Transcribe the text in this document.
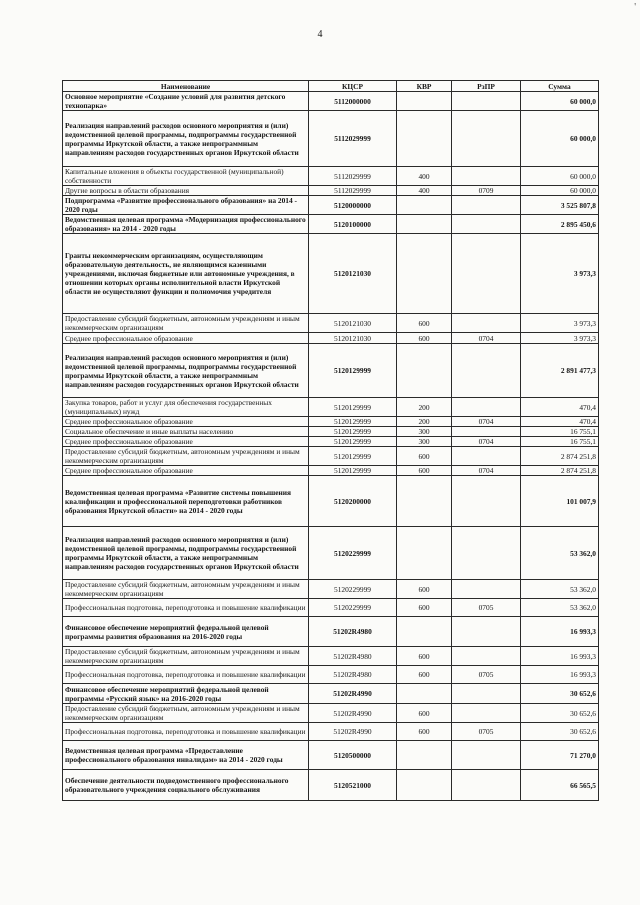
'
4
Наименование	КЦСР	КВР	РзПР	Сумма
Основное мероприятие «Создание условий для развития детского технопарка»	5112000000			60 000,0
Реализация направлений расходов основного мероприятия и (или) ведомственной целевой программы, подпрограммы государственной программы Иркутской области, а также непрограммным направлениям расходов государственных органов Иркутской области	5112029999			60 000,0
Капитальные вложения в объекты государственной (муниципальной) собственности	5112029999	400		60 000,0
Другие вопросы в области образования	5112029999	400	0709	60 000,0
Подпрограмма «Развитие профессионального образования» на 2014 - 2020 годы	5120000000			3 525 807,8
Ведомственная целевая программа «Модернизация профессионального образования» на 2014 - 2020 годы	5120100000			2 895 450,6
Гранты некоммерческим организациям, осуществляющим образовательную деятельность, не являющимся казенными учреждениями, включая бюджетные или автономные учреждения, в отношении которых органы исполнительной власти Иркутской области не осуществляют функции и полномочия учредителя	5120121030			3 973,3
Предоставление субсидий бюджетным, автономным учреждениям и иным некоммерческим организациям	5120121030	600		3 973,3
Среднее профессиональное образование	5120121030	600	0704	3 973,3
Реализация направлений расходов основного мероприятия и (или) ведомственной целевой программы, подпрограммы государственной программы Иркутской области, а также непрограммным направлениям расходов государственных органов Иркутской области	5120129999			2 891 477,3
Закупка товаров, работ и услуг для обеспечения государственных (муниципальных) нужд	5120129999	200		470,4
Среднее профессиональное образование	5120129999	200	0704	470,4
Социальное обеспечение и иные выплаты населению	5120129999	300		16 755,1
Среднее профессиональное образование	5120129999	300	0704	16 755,1
Предоставление субсидий бюджетным, автономным учреждениям и иным некоммерческим организациям	5120129999	600		2 874 251,8
Среднее профессиональное образование	5120129999	600	0704	2 874 251,8
Ведомственная целевая программа «Развитие системы повышения квалификации и профессиональной переподготовки работников образования Иркутской области» на 2014 - 2020 годы	5120200000			101 007,9
Реализация направлений расходов основного мероприятия и (или) ведомственной целевой программы, подпрограммы государственной программы Иркутской области, а также непрограммным направлениям расходов государственных органов Иркутской области	5120229999			53 362,0
Предоставление субсидий бюджетным, автономным учреждениям и иным некоммерческим организациям	5120229999	600		53 362,0
Профессиональная подготовка, переподготовка и повышение квалификации	5120229999	600	0705	53 362,0
Финансовое обеспечение мероприятий федеральной целевой программы развития образования на 2016-2020 годы	51202R4980			16 993,3
Предоставление субсидий бюджетным, автономным учреждениям и иным некоммерческим организациям	51202R4980	600		16 993,3
Профессиональная подготовка, переподготовка и повышение квалификации	51202R4980	600	0705	16 993,3
Финансовое обеспечение мероприятий федеральной целевой программы «Русский язык» на 2016-2020 годы	51202R4990			30 652,6
Предоставление субсидий бюджетным, автономным учреждениям и иным некоммерческим организациям	51202R4990	600		30 652,6
Профессиональная подготовка, переподготовка и повышение квалификации	51202R4990	600	0705	30 652,6
Ведомственная целевая программа «Предоставление профессионального образования инвалидам» на 2014 - 2020 годы	5120500000			71 270,0
Обеспечение деятельности подведомственного профессионального образовательного учреждения социального обслуживания	5120521000			66 565,5
